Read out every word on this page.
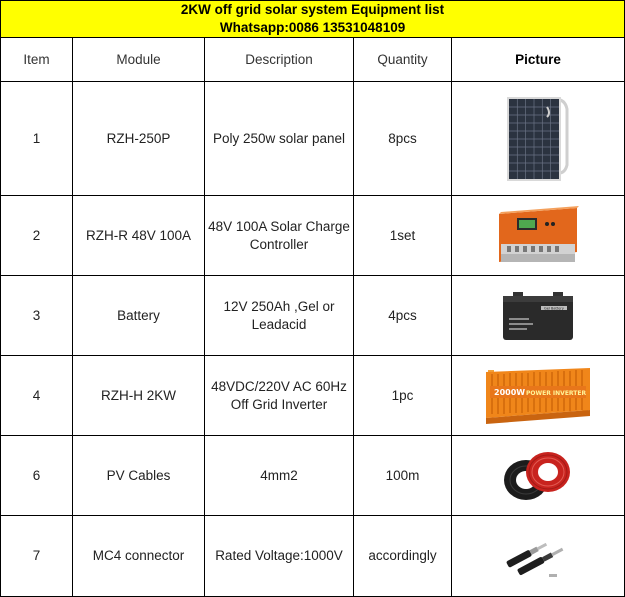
2KW off grid solar system Equipment list
Whatsapp:0086 13531048109				

Item	Module	Description	Quantity	Picture
1	RZH-250P	Poly 250w solar panel	8pcs	

2	RZH-R 48V 100A	48V 100A Solar Charge Controller	1set	

3	Battery	12V 250Ah ,Gel or Leadacid	4pcs	Gel Battery

4	RZH-H 2KW	48VDC/220V AC 60Hz Off Grid Inverter	1pc	2000W POWER INVERTER

6	PV Cables	4mm2	100m	

7	MC4 connector	Rated Voltage:1000V	accordingly	
